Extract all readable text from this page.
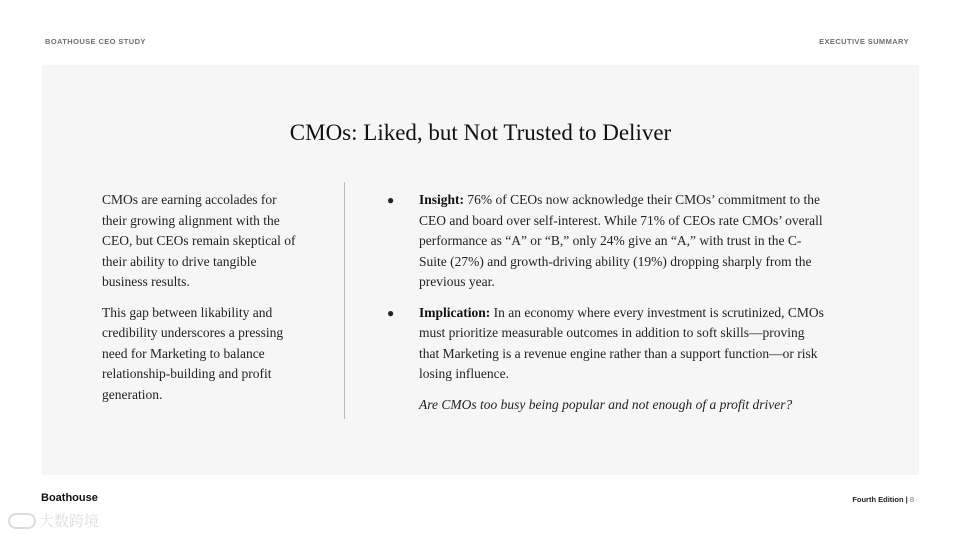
BOATHOUSE CEO STUDY	EXECUTIVE SUMMARY
CMOs: Liked, but Not Trusted to Deliver

CMOs are earning accolades for their growing alignment with the CEO, but CEOs remain skeptical of their ability to drive tangible business results.

This gap between likability and credibility underscores a pressing need for Marketing to balance relationship-building and profit generation.

● Insight: 76% of CEOs now acknowledge their CMOs’ commitment to the CEO and board over self-interest. While 71% of CEOs rate CMOs’ overall performance as “A” or “B,” only 24% give an “A,” with trust in the C-Suite (27%) and growth-driving ability (19%) dropping sharply from the previous year.
● Implication: In an economy where every investment is scrutinized, CMOs must prioritize measurable outcomes in addition to soft skills—proving that Marketing is a revenue engine rather than a support function—or risk losing influence.
Are CMOs too busy being popular and not enough of a profit driver?
Boathouse	Fourth Edition | 8
大数跨境
